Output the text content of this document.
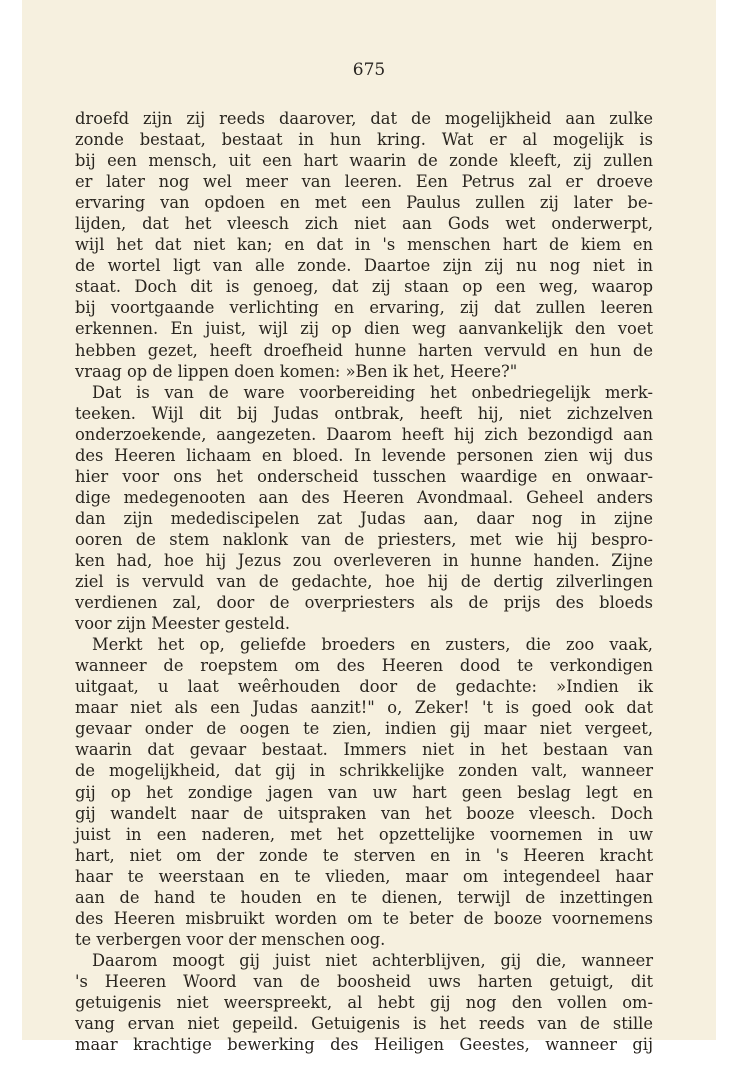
675
droefd zijn zij reeds daarover, dat de mogelijkheid aan zulke
zonde bestaat, bestaat in hun kring. Wat er al mogelijk is
bij een mensch, uit een hart waarin de zonde kleeft, zij zullen
er later nog wel meer van leeren. Een Petrus zal er droeve
ervaring van opdoen en met een Paulus zullen zij later be-
lijden, dat het vleesch zich niet aan Gods wet onderwerpt,
wijl het dat niet kan; en dat in 's menschen hart de kiem en
de wortel ligt van alle zonde. Daartoe zijn zij nu nog niet in
staat. Doch dit is genoeg, dat zij staan op een weg, waarop
bij voortgaande verlichting en ervaring, zij dat zullen leeren
erkennen. En juist, wijl zij op dien weg aanvankelijk den voet
hebben gezet, heeft droefheid hunne harten vervuld en hun de
vraag op de lippen doen komen: »Ben ik het, Heere?"
Dat is van de ware voorbereiding het onbedriegelijk merk-
teeken. Wijl dit bij Judas ontbrak, heeft hij, niet zichzelven
onderzoekende, aangezeten. Daarom heeft hij zich bezondigd aan
des Heeren lichaam en bloed. In levende personen zien wij dus
hier voor ons het onderscheid tusschen waardige en onwaar-
dige medegenooten aan des Heeren Avondmaal. Geheel anders
dan zijn medediscipelen zat Judas aan, daar nog in zijne
ooren de stem naklonk van de priesters, met wie hij bespro-
ken had, hoe hij Jezus zou overleveren in hunne handen. Zijne
ziel is vervuld van de gedachte, hoe hij de dertig zilverlingen
verdienen zal, door de overpriesters als de prijs des bloeds
voor zijn Meester gesteld.
Merkt het op, geliefde broeders en zusters, die zoo vaak,
wanneer de roepstem om des Heeren dood te verkondigen
uitgaat, u laat weêrhouden door de gedachte: »Indien ik
maar niet als een Judas aanzit!" o, Zeker! 't is goed ook dat
gevaar onder de oogen te zien, indien gij maar niet vergeet,
waarin dat gevaar bestaat. Immers niet in het bestaan van
de mogelijkheid, dat gij in schrikkelijke zonden valt, wanneer
gij op het zondige jagen van uw hart geen beslag legt en
gij wandelt naar de uitspraken van het booze vleesch. Doch
juist in een naderen, met het opzettelijke voornemen in uw
hart, niet om der zonde te sterven en in 's Heeren kracht
haar te weerstaan en te vlieden, maar om integendeel haar
aan de hand te houden en te dienen, terwijl de inzettingen
des Heeren misbruikt worden om te beter de booze voornemens
te verbergen voor der menschen oog.
Daarom moogt gij juist niet achterblijven, gij die, wanneer
's Heeren Woord van de boosheid uws harten getuigt, dit
getuigenis niet weerspreekt, al hebt gij nog den vollen om-
vang ervan niet gepeild. Getuigenis is het reeds van de stille
maar krachtige bewerking des Heiligen Geestes, wanneer gij
